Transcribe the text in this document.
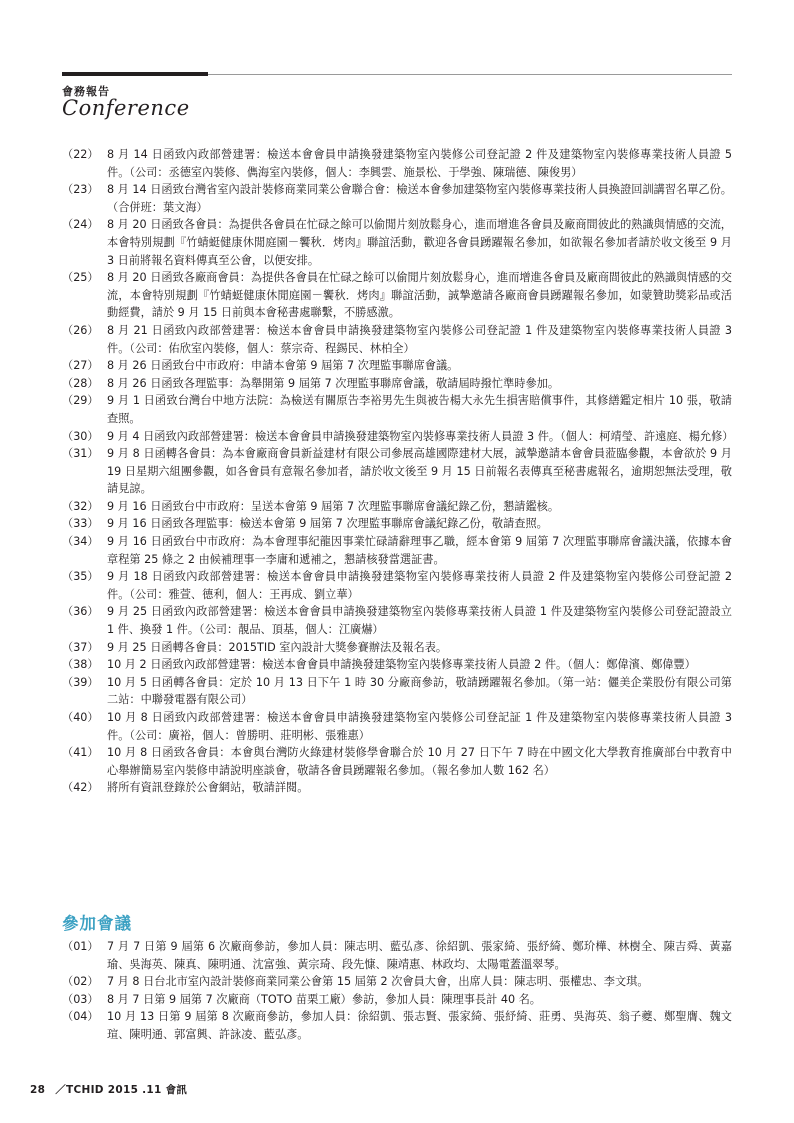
會務報告
Conference
（22） 8 月 14 日函致內政部營建署：檢送本會會員申請換發建築物室內裝修公司登記證 2 件及建築物室內裝修專業技術人員證 5 件。（公司：丞德室內裝修、儁海室內裝修，個人：李興雲、施景松、于學強、陳瑞德、陳俊男）
（23） 8 月 14 日函致台灣省室內設計裝修商業同業公會聯合會：檢送本會參加建築物室內裝修專業技術人員換證回訓講習名單乙份。（合併班：葉文海）
（24） 8 月 20 日函致各會員：為提供各會員在忙碌之餘可以偷閒片刻放鬆身心，進而增進各會員及廠商間彼此的熟識與情感的交流，本會特別規劃『竹蜻蜓健康休閒庭園－饗秋．烤肉』聯誼活動，歡迎各會員踴躍報名參加，如欲報名參加者請於收文後至 9 月 3 日前將報名資料傳真至公會，以便安排。
（25） 8 月 20 日函致各廠商會員：為提供各會員在忙碌之餘可以偷閒片刻放鬆身心，進而增進各會員及廠商間彼此的熟識與情感的交流，本會特別規劃『竹蜻蜓健康休閒庭園－饗秋．烤肉』聯誼活動，誠摯邀請各廠商會員踴躍報名參加，如蒙贊助獎彩品或活動經費，請於 9 月 15 日前與本會秘書處聯繫，不勝感激。
（26） 8 月 21 日函致內政部營建署：檢送本會會員申請換發建築物室內裝修公司登記證 1 件及建築物室內裝修專業技術人員證 3 件。（公司：佑欣室內裝修，個人：蔡宗奇、程錫民、林柏全）
（27） 8 月 26 日函致台中市政府：申請本會第 9 屆第 7 次理監事聯席會議。
（28） 8 月 26 日函致各理監事：為舉開第 9 屆第 7 次理監事聯席會議，敬請屆時撥忙準時參加。
（29） 9 月 1 日函致台灣台中地方法院：為檢送有關原告李裕男先生與被告楊大永先生損害賠償事件，其修繕鑑定相片 10 張，敬請查照。
（30） 9 月 4 日函致內政部營建署：檢送本會會員申請換發建築物室內裝修專業技術人員證 3 件。（個人：柯靖瑩、許遠庭、楊允修）
（31） 9 月 8 日函轉各會員：為本會廠商會員新益建材有限公司參展高雄國際建材大展，誠摯邀請本會會員蒞臨參觀，本會欲於 9 月 19 日星期六組團參觀，如各會員有意報名參加者，請於收文後至 9 月 15 日前報名表傳真至秘書處報名，逾期恕無法受理，敬請見諒。
（32） 9 月 16 日函致台中市政府：呈送本會第 9 屆第 7 次理監事聯席會議紀錄乙份，懇請鑑核。
（33） 9 月 16 日函致各理監事：檢送本會第 9 屆第 7 次理監事聯席會議紀錄乙份，敬請查照。
（34） 9 月 16 日函致台中市政府：為本會理事紀龍因事業忙碌請辭理事乙職，經本會第 9 屆第 7 次理監事聯席會議決議，依據本會章程第 25 條之 2 由候補理事一李庸和遞補之，懇請核發當選証書。
（35） 9 月 18 日函致內政部營建署：檢送本會會員申請換發建築物室內裝修專業技術人員證 2 件及建築物室內裝修公司登記證 2 件。（公司：雅萱、德利，個人：王再成、劉立華）
（36） 9 月 25 日函致內政部營建署：檢送本會會員申請換發建築物室內裝修專業技術人員證 1 件及建築物室內裝修公司登記證設立 1 件、換發 1 件。（公司：靚品、頂基，個人：江廣爀）
（37） 9 月 25 日函轉各會員：2015TID 室內設計大獎參賽辦法及報名表。
（38） 10 月 2 日函致內政部營建署：檢送本會會員申請換發建築物室內裝修專業技術人員證 2 件。（個人：鄭偉濱、鄭偉豐）
（39） 10 月 5 日函轉各會員：定於 10 月 13 日下午 1 時 30 分廠商參訪，敬請踴躍報名參加。（第一站：儷美企業股份有限公司第二站：中聯發電器有限公司）
（40） 10 月 8 日函致內政部營建署：檢送本會會員申請換發建築物室內裝修公司登記証 1 件及建築物室內裝修專業技術人員證 3 件。（公司：廣裕，個人：曾勝明、莊明彬、張雅惠）
（41） 10 月 8 日函致各會員：本會與台灣防火綠建材裝修學會聯合於 10 月 27 日下午 7 時在中國文化大學教育推廣部台中教育中心舉辦簡易室內裝修申請說明座談會，敬請各會員踴躍報名參加。（報名參加人數 162 名）
（42） 將所有資訊登錄於公會網站，敬請詳閱。
參加會議
（01） 7 月 7 日第 9 屆第 6 次廠商參訪，參加人員：陳志明、藍弘彥、徐紹凱、張家綺、張紓綺、鄭玠樺、林樹全、陳吉舜、黃嘉瑜、吳海英、陳真、陳明通、沈富強、黃宗琦、段先慷、陳靖惠、林政均、太陽電蓋溫翠琴。
（02） 7 月 8 日台北市室內設計裝修商業同業公會第 15 屆第 2 次會員大會，出席人員：陳志明、張權忠、李文琪。
（03） 8 月 7 日第 9 屆第 7 次廠商（TOTO 苗栗工廠）參訪，參加人員：陳理事長計 40 名。
（04） 10 月 13 日第 9 屆第 8 次廠商參訪，參加人員：徐紹凱、張志賢、張家綺、張紓綺、莊勇、吳海英、翁子夔、鄭聖膺、魏文瑄、陳明通、郭富興、許詠凌、藍弘彥。
28 ／TCHID 2015 .11 會訊
